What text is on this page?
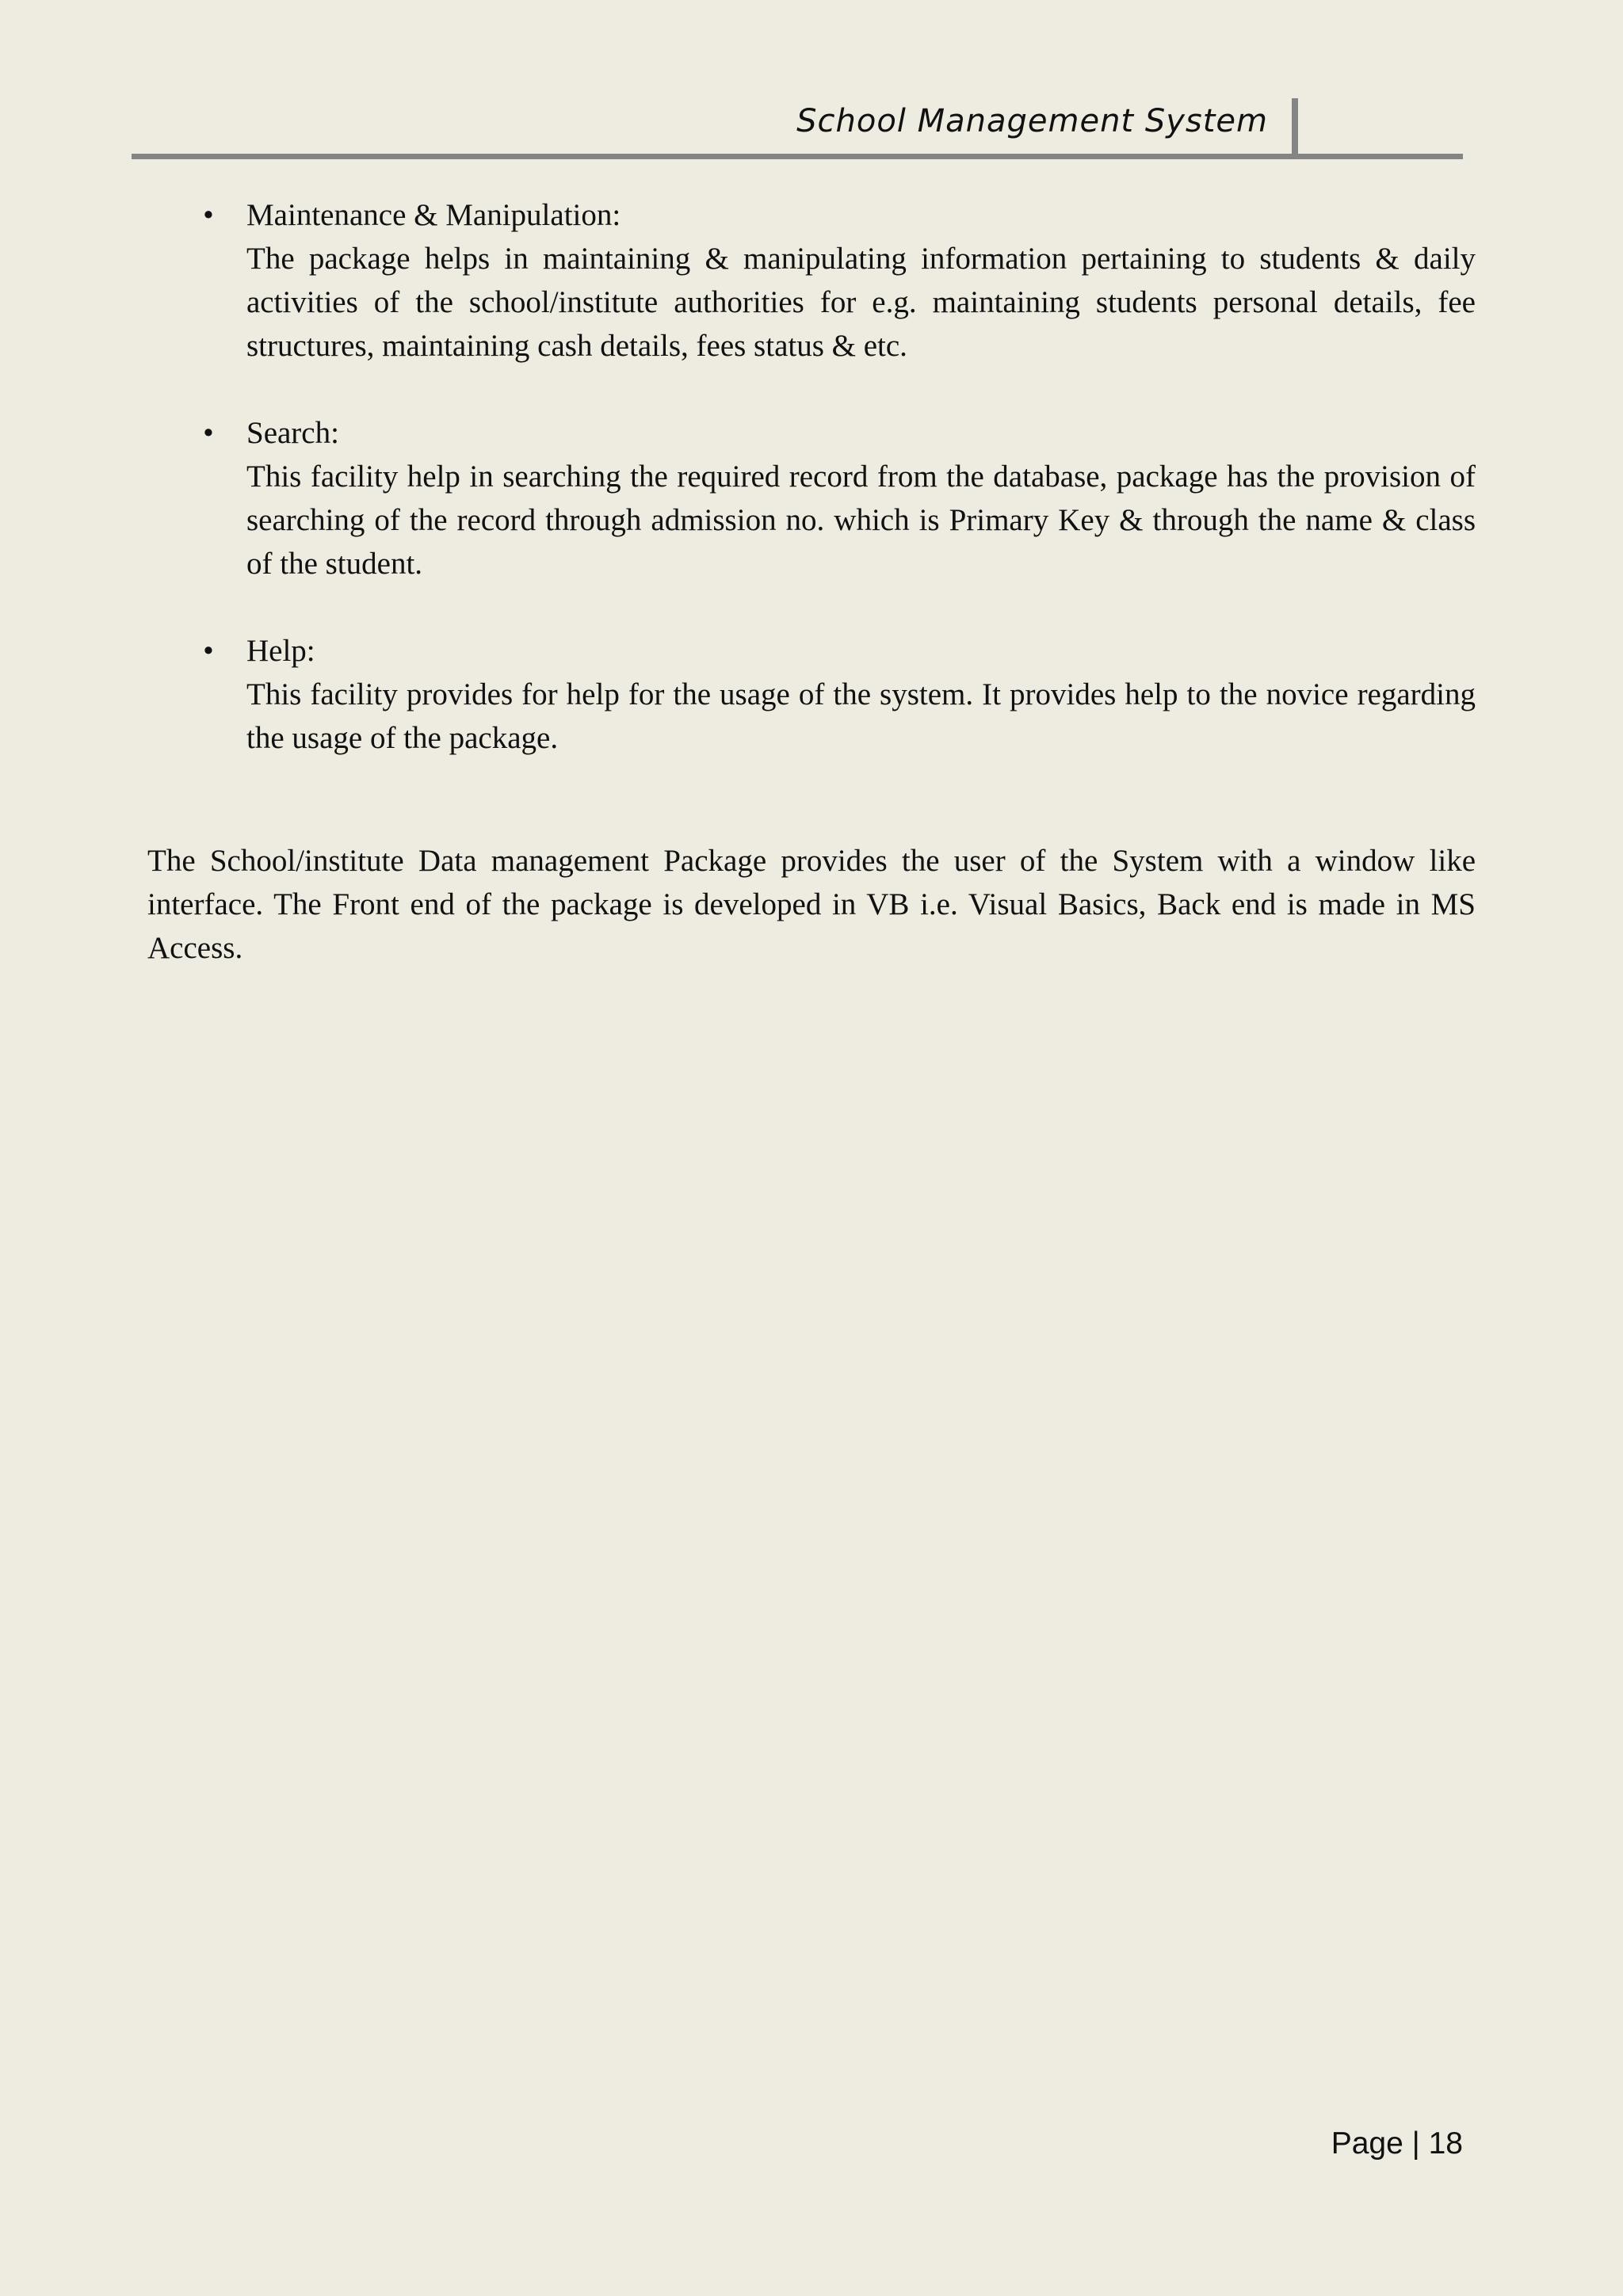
School Management System
• Maintenance & Manipulation:
The package helps in maintaining & manipulating information pertaining to students & daily activities of the school/institute authorities for e.g. maintaining students personal details, fee structures, maintaining cash details, fees status & etc.
• Search:
This facility help in searching the required record from the database, package has the provision of searching of the record through admission no. which is Primary Key & through the name & class of the student.
• Help:
This facility provides for help for the usage of the system. It provides help to the novice regarding the usage of the package.
The School/institute Data management Package provides the user of the System with a window like interface. The Front end of the package is developed in VB i.e. Visual Basics, Back end is made in MS Access.
Page | 18
